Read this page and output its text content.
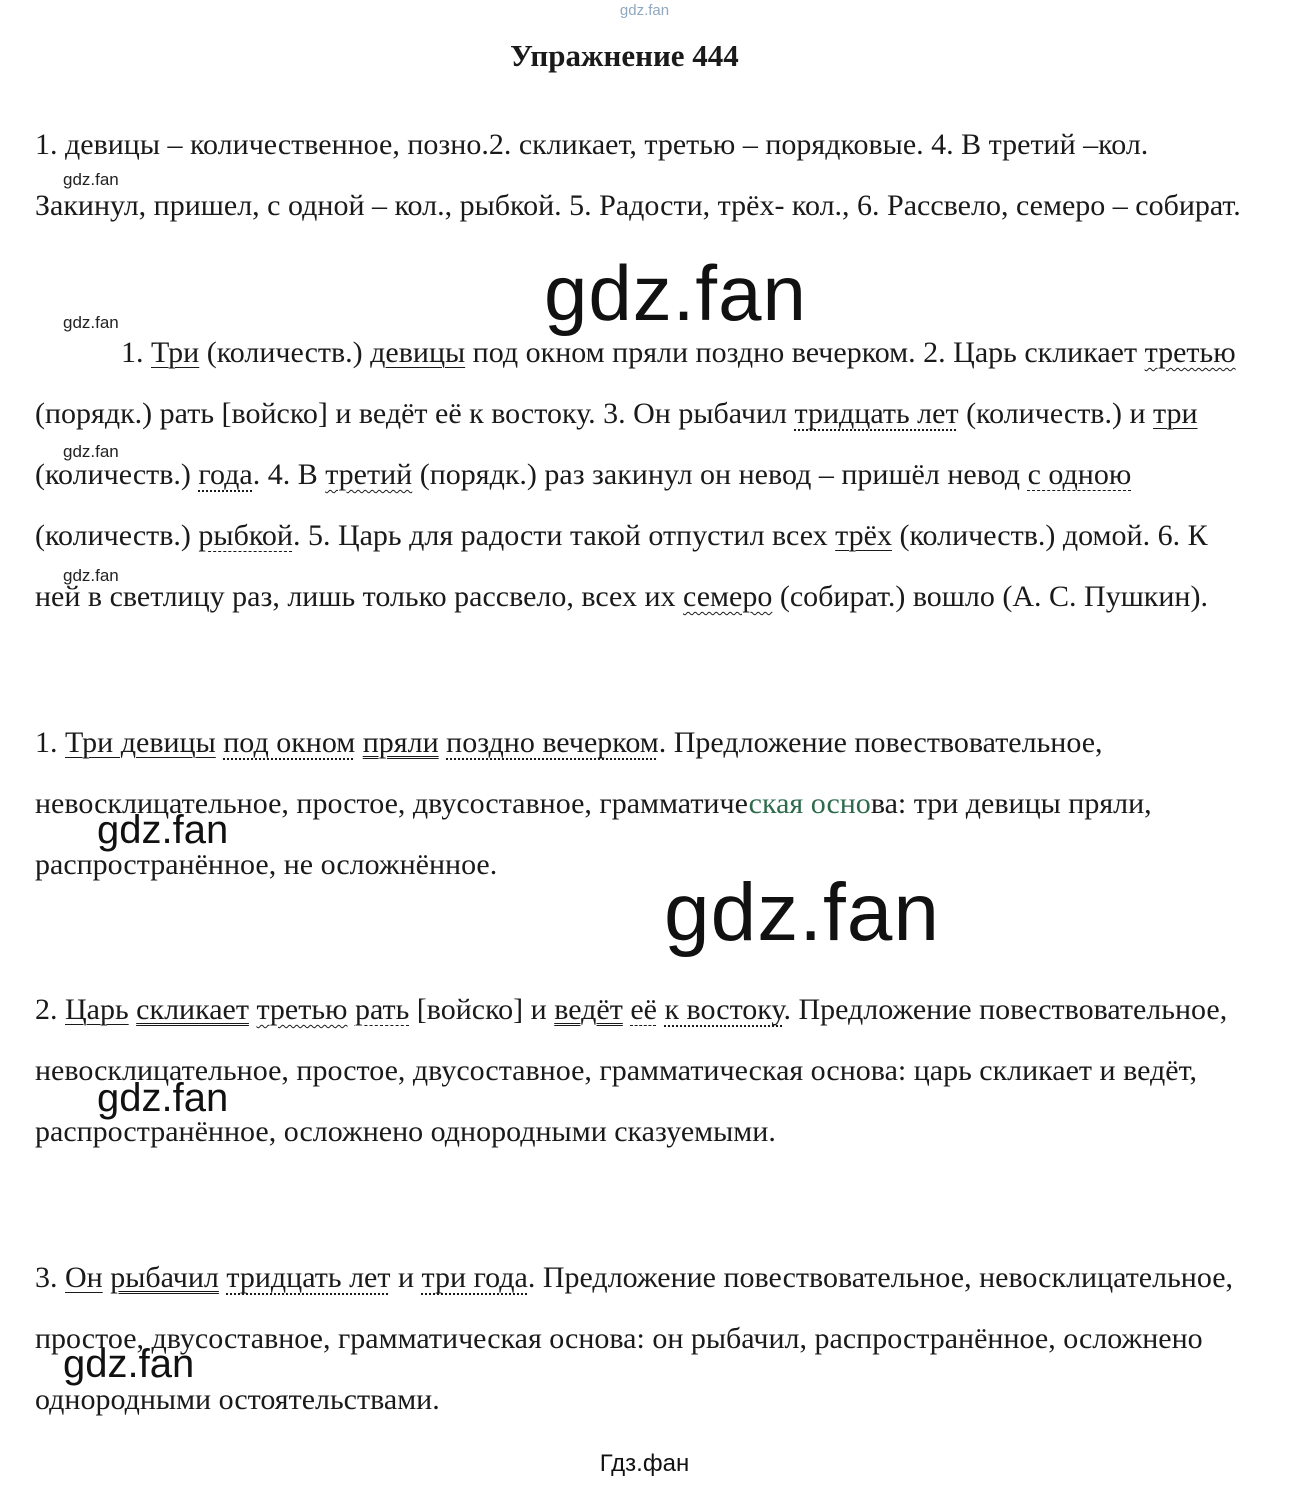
gdz.fan
Упражнение 444

1. девицы – количественное, позно.2. скликает, третью – порядковые. 4. В третий –кол. Закинул, пришел, с одной – кол., рыбкой. 5. Радости, трёх- кол., 6. Рассвело, семеро – собират.

1. Три (количеств.) девицы под окном пряли поздно вечерком. 2. Царь скликает третью (порядк.) рать [войско] и ведёт её к востоку. 3. Он рыбачил тридцать лет (количеств.) и три (количеств.) года. 4. В третий (порядк.) раз закинул он невод – пришёл невод с одною (количеств.) рыбкой. 5. Царь для радости такой отпустил всех трёх (количеств.) домой. 6. К ней в светлицу раз, лишь только рассвело, всех их семеро (собират.) вошло (А. С. Пушкин).

1. Три девицы под окном пряли поздно вечерком. Предложение повествовательное, невосклицательное, простое, двусоставное, грамматическая основа: три девицы пряли, распространённое, не осложнённое.

2. Царь скликает третью рать [войско] и ведёт её к востоку. Предложение повествовательное, невосклицательное, простое, двусоставное, грамматическая основа: царь скликает и ведёт, распространённое, осложнено однородными сказуемыми.

3. Он рыбачил тридцать лет и три года. Предложение повествовательное, невосклицательное, простое, двусоставное, грамматическая основа: он рыбачил, распространённое, осложнено однородными остоятельствами.

gdz.fan
gdz.fan
gdz.fan
gdz.fan
gdz.fan
gdz.fan
gdz.fan
gdz.fan
gdz.fan
Гдз.фан
